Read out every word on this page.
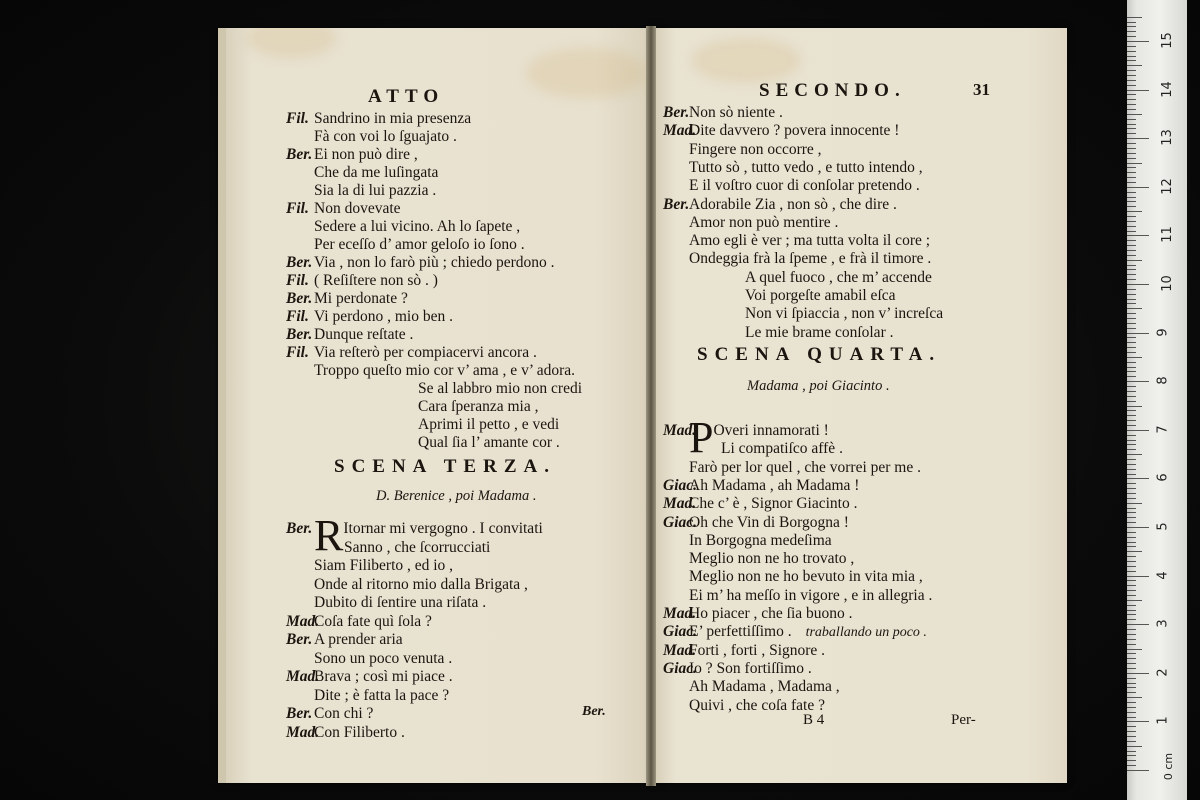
ATTO
Fil. Sandrino in mia presenza
Fà con voi lo ſguajato .
Ber. Ei non può dire ,
Che da me luſingata
Sia la di lui pazzia .
Fil. Non dovevate
Sedere a lui vicino. Ah lo ſapete ,
Per eceſſo d’ amor geloſo io ſono .
Ber. Via , non lo farò più ; chiedo perdono .
Fil. ( Reſiſtere non sò . )
Ber. Mi perdonate ?
Fil. Vi perdono , mio ben .
Ber. Dunque reſtate .
Fil. Via reſterò per compiacervi ancora .
Troppo queſto mio cor v’ ama , e v’ adora.
Se al labbro mio non credi
Cara ſperanza mia ,
Aprimi il petto , e vedi
Qual ſia l’ amante cor .
SCENA TERZA.
D. Berenice , poi Madama .
Ber.RItornar mi vergogno . I convitati
Sanno , che ſcorrucciati
Siam Filiberto , ed io ,
Onde al ritorno mio dalla Brigata ,
Dubito di ſentire una riſata .
Mad.Coſa fate quì ſola ?
Ber. A prender aria
Sono un poco venuta .
Mad.Brava ; così mi piace .
Dite ; è fatta la pace ?
Ber. Con chi ?
Mad.Con Filiberto .
Ber.
SECONDO.	31
Ber.Non sò niente .
Mad.Dite davvero ? povera innocente !
Fingere non occorre ,
Tutto sò , tutto vedo , e tutto intendo ,
E il voſtro cuor di conſolar pretendo .
Ber.Adorabile Zia , non sò , che dire .
Amor non può mentire .
Amo egli è ver ; ma tutta volta il core ;
Ondeggia frà la ſpeme , e frà il timore .
A quel fuoco , che m’ accende
Voi porgeſte amabil eſca
Non vi ſpiaccia , non v’ increſca
Le mie brame conſolar .
SCENA QUARTA.
Madama , poi Giacinto .
Mad.POveri innamorati !
Li compatiſco affè .
Farò per lor quel , che vorrei per me .
Giac.Ah Madama , ah Madama !
Mad.Che c’ è , Signor Giacinto .
Giac.Oh che Vin di Borgogna !
In Borgogna medeſima
Meglio non ne ho trovato ,
Meglio non ne ho bevuto in vita mia ,
Ei m’ ha meſſo in vigore , e in allegria .
Mad.Ho piacer , che ſia buono .
Giac.E’ perfettiſſimo . traballando un poco .
Mad.Forti , forti , Signore .
Giac.Io ? Son fortiſſimo .
Ah Madama , Madama ,
Quivi , che coſa fate ?
B 4	Per-	1
2
3
4
5
6
7
8
9
10
11
12
13
14
15
0 cm
